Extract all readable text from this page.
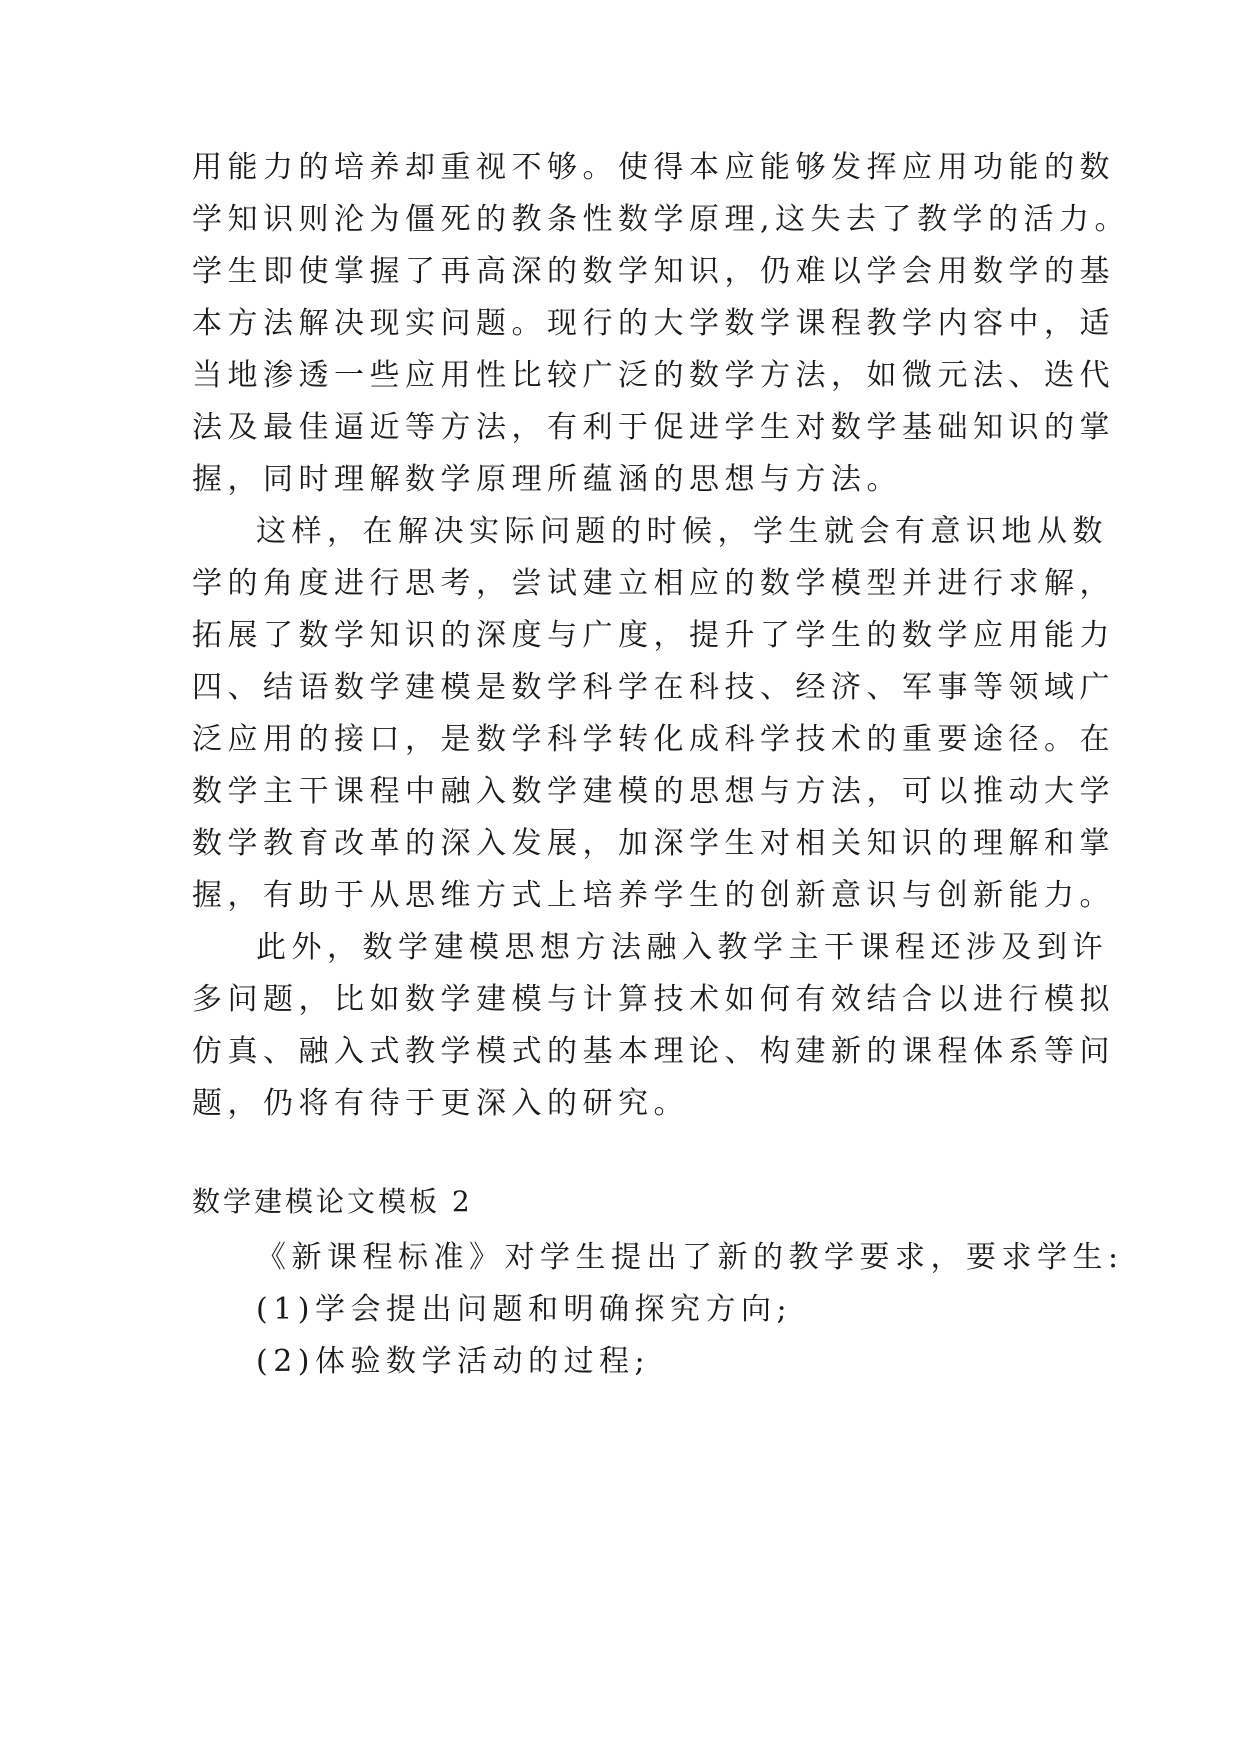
用能力的培养却重视不够。使得本应能够发挥应用功能的数
学知识则沦为僵死的教条性数学原理,这失去了教学的活力。
学生即使掌握了再高深的数学知识，仍难以学会用数学的基
本方法解决现实问题。现行的大学数学课程教学内容中，适
当地渗透一些应用性比较广泛的数学方法，如微元法、迭代
法及最佳逼近等方法，有利于促进学生对数学基础知识的掌
握，同时理解数学原理所蕴涵的思想与方法。
这样，在解决实际问题的时候，学生就会有意识地从数
学的角度进行思考，尝试建立相应的数学模型并进行求解，
拓展了数学知识的深度与广度，提升了学生的数学应用能力
四、结语数学建模是数学科学在科技、经济、军事等领域广
泛应用的接口，是数学科学转化成科学技术的重要途径。在
数学主干课程中融入数学建模的思想与方法，可以推动大学
数学教育改革的深入发展，加深学生对相关知识的理解和掌
握，有助于从思维方式上培养学生的创新意识与创新能力。
此外，数学建模思想方法融入教学主干课程还涉及到许
多问题，比如数学建模与计算技术如何有效结合以进行模拟
仿真、融入式教学模式的基本理论、构建新的课程体系等问
题，仍将有待于更深入的研究。
数学建模论文模板 2
《新课程标准》对学生提出了新的教学要求，要求学生:
(1)学会提出问题和明确探究方向;
(2)体验数学活动的过程;
